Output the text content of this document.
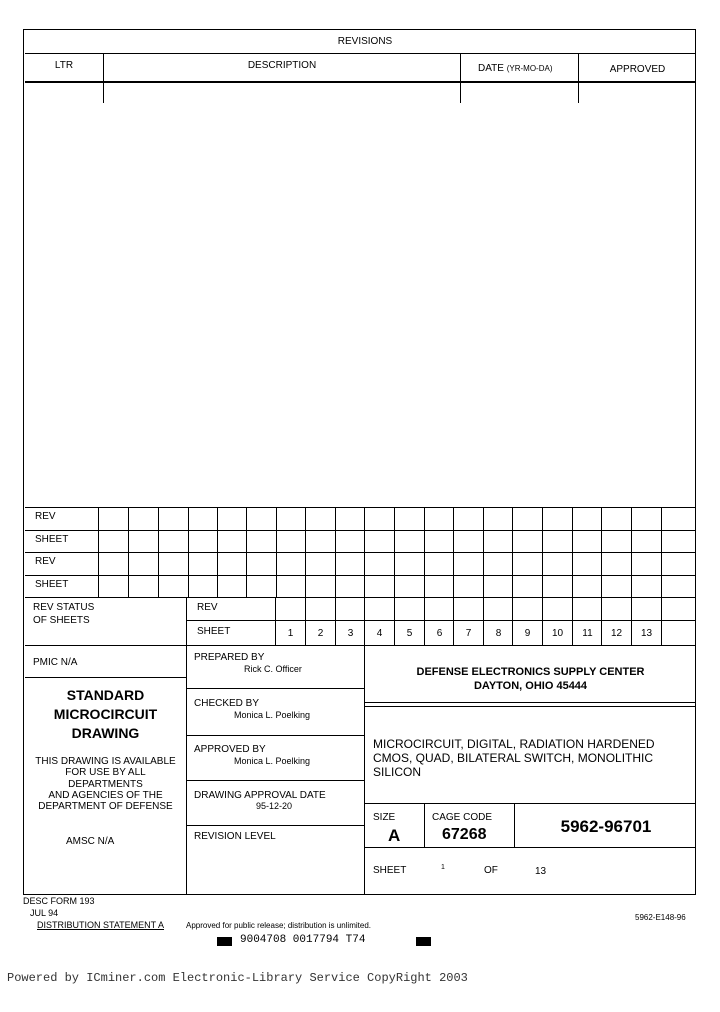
REVISIONS
LTR	DESCRIPTION	DATE (YR-MO-DA)	APPROVED
REV
SHEET
REV
SHEET
REV STATUS
OF SHEETS
REV
SHEET	1	2	3	4	5	6	7	8	9	10	11	12	13
PMIC N/A
STANDARD
MICROCIRCUIT
DRAWING
THIS DRAWING IS AVAILABLE
FOR USE BY ALL
DEPARTMENTS
AND AGENCIES OF THE
DEPARTMENT OF DEFENSE
AMSC N/A
PREPARED BY
Rick C. Officer
CHECKED BY
Monica L. Poelking
APPROVED BY
Monica L. Poelking
DRAWING APPROVAL DATE
95-12-20
REVISION LEVEL
DEFENSE ELECTRONICS SUPPLY CENTER
DAYTON, OHIO 45444
MICROCIRCUIT, DIGITAL, RADIATION HARDENED
CMOS, QUAD, BILATERAL SWITCH, MONOLITHIC
SILICON
SIZE
A
CAGE CODE
67268	5962-96701
SHEET	1	OF	13
DESC FORM 193
JUL 94
DISTRIBUTION STATEMENT A	Approved for public release; distribution is unlimited.
5962-E148-96
9004708 0017794 T74
Powered by ICminer.com Electronic-Library Service CopyRight 2003
